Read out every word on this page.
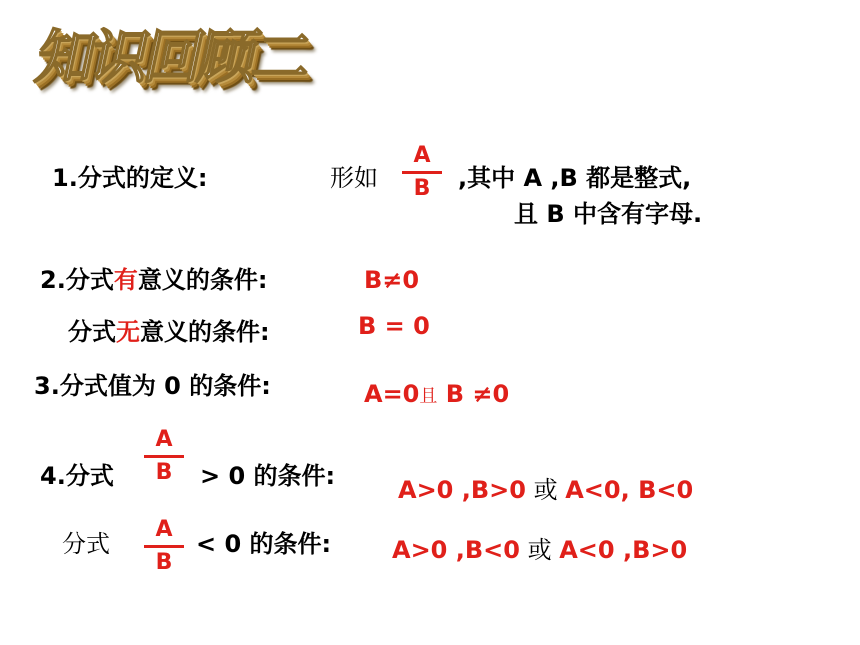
知识回顾二
1.分式的定义:	形如
A
B	,其中 A ,B 都是整式,
且 B 中含有字母.
2.分式有意义的条件:	B≠0
分式无意义的条件:	B = 0
3.分式值为 0 的条件:	A=0且 B ≠0
4.分式
A
B	> 0 的条件:	A>0 ,B>0 或 A<0, B<0
分式
A
B
< 0 的条件:	A>0 ,B<0 或 A<0 ,B>0
